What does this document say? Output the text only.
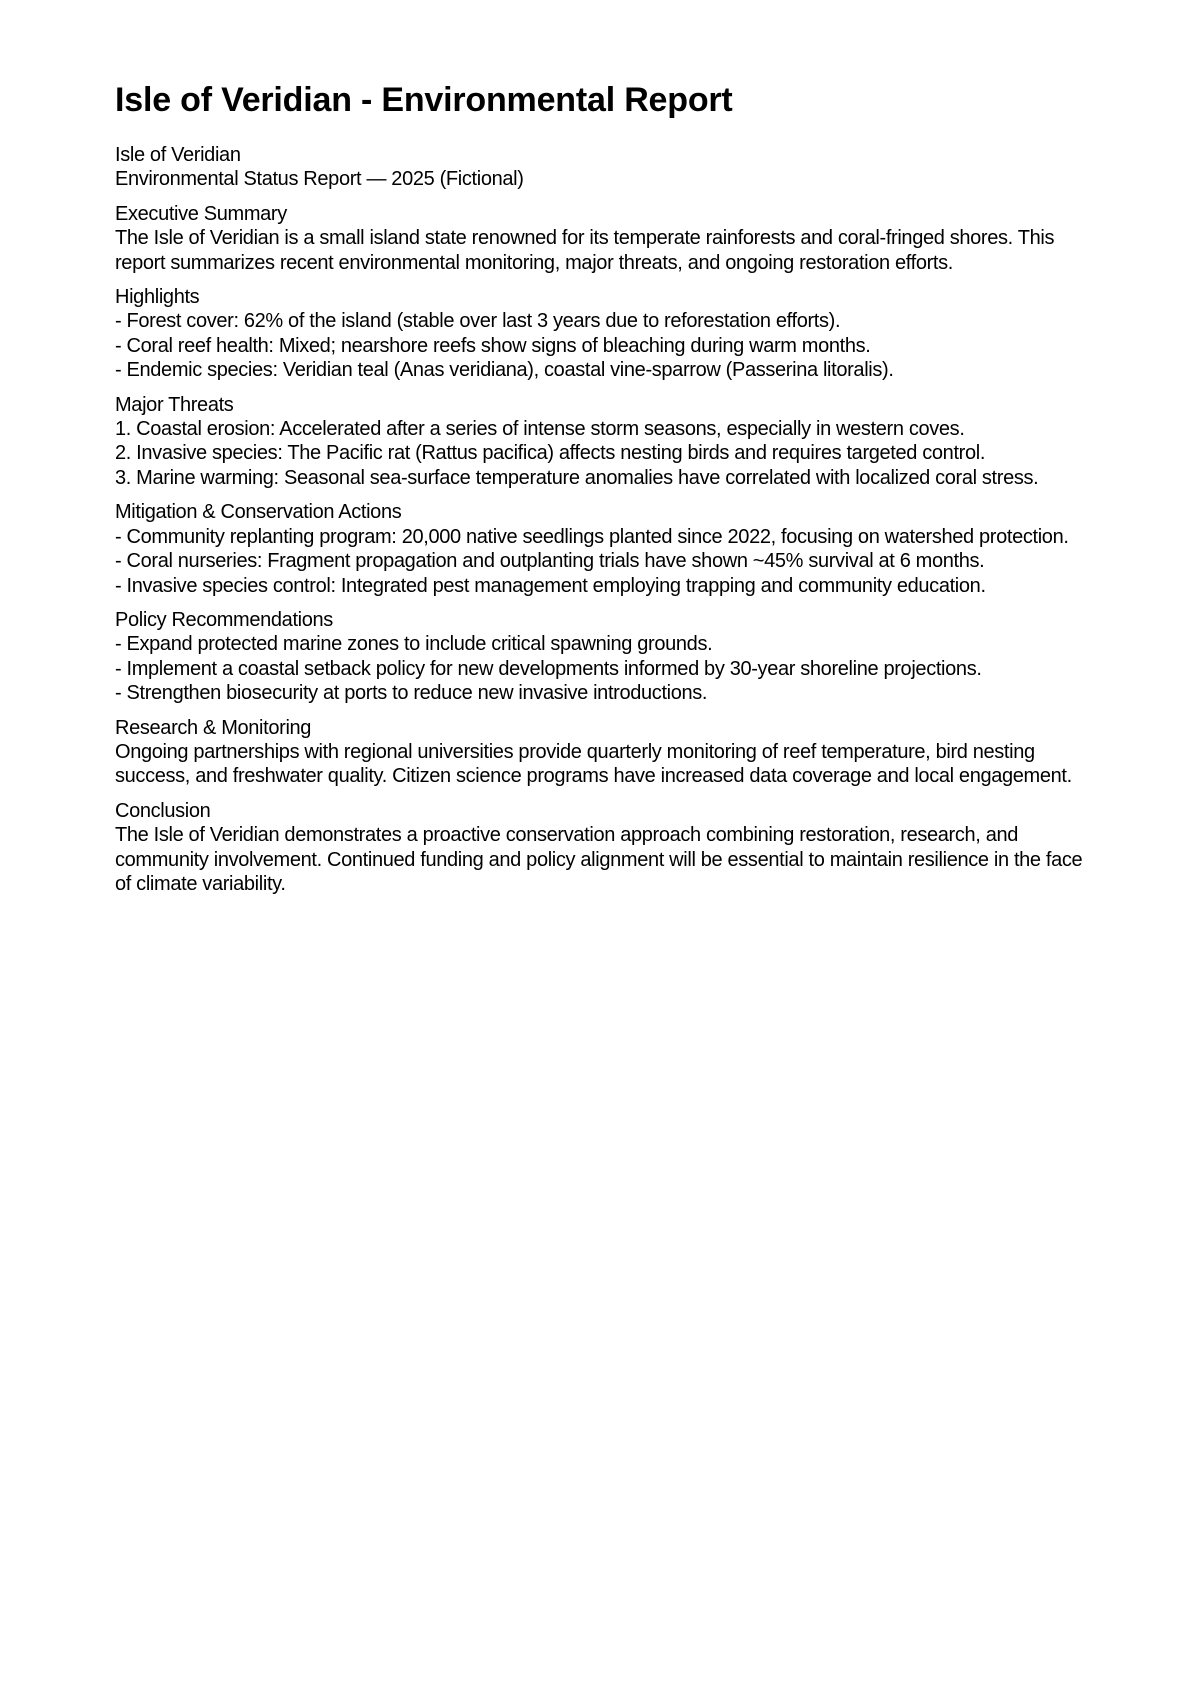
Isle of Veridian - Environmental Report
Isle of Veridian
Environmental Status Report — 2025 (Fictional)
Executive Summary
The Isle of Veridian is a small island state renowned for its temperate rainforests and coral-fringed shores. This report summarizes recent environmental monitoring, major threats, and ongoing restoration efforts.
Highlights
- Forest cover: 62% of the island (stable over last 3 years due to reforestation efforts).
- Coral reef health: Mixed; nearshore reefs show signs of bleaching during warm months.
- Endemic species: Veridian teal (Anas veridiana), coastal vine-sparrow (Passerina litoralis).
Major Threats
1. Coastal erosion: Accelerated after a series of intense storm seasons, especially in western coves.
2. Invasive species: The Pacific rat (Rattus pacifica) affects nesting birds and requires targeted control.
3. Marine warming: Seasonal sea-surface temperature anomalies have correlated with localized coral stress.
Mitigation & Conservation Actions
- Community replanting program: 20,000 native seedlings planted since 2022, focusing on watershed protection.
- Coral nurseries: Fragment propagation and outplanting trials have shown ~45% survival at 6 months.
- Invasive species control: Integrated pest management employing trapping and community education.
Policy Recommendations
- Expand protected marine zones to include critical spawning grounds.
- Implement a coastal setback policy for new developments informed by 30-year shoreline projections.
- Strengthen biosecurity at ports to reduce new invasive introductions.
Research & Monitoring
Ongoing partnerships with regional universities provide quarterly monitoring of reef temperature, bird nesting success, and freshwater quality. Citizen science programs have increased data coverage and local engagement.
Conclusion
The Isle of Veridian demonstrates a proactive conservation approach combining restoration, research, and community involvement. Continued funding and policy alignment will be essential to maintain resilience in the face of climate variability.
